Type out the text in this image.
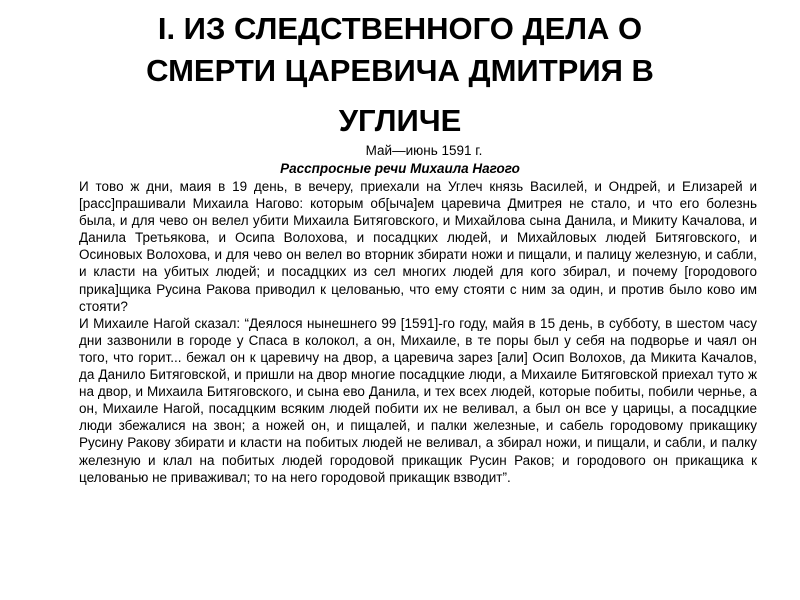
I. ИЗ СЛЕДСТВЕННОГО ДЕЛА О
СМЕРТИ ЦАРЕВИЧА ДМИТРИЯ В
УГЛИЧЕ

Май—июнь 1591 г.

Расспросные речи Михаила Нагого

И тово ж дни, маия в 19 день, в вечеру, приехали на Углеч князь Василей, и Ондрей, и Елизарей и [расс]прашивали Михаила Нагово: которым об[ыча]ем царевича Дмитрея не стало, и что его болезнь была, и для чево он велел убити Михаила Битяговского, и Михайлова сына Данила, и Микиту Качалова, и Данила Третьякова, и Осипа Волохова, и посадцких людей, и Михайловых людей Битяговского, и Осиновых Волохова, и для чево он велел во вторник збирати ножи и пищали, и палицу железную, и сабли, и класти на убитых людей; и посадцких из сел многих людей для кого збирал, и почему [городового прика]щика Русина Ракова приводил к целованью, что ему стояти с ним за один, и против было ково им стояти?

И Михаиле Нагой сказал: “Деялося нынешнего 99 [1591]-го году, майя в 15 день, в субботу, в шестом часу дни зазвонили в городе у Спаса в колокол, а он, Михаиле, в те поры был у себя на подворье и чаял он того, что горит... бежал он к царевичу на двор, а царевича зарез [али] Осип Волохов, да Микита Качалов, да Данило Битяговской, и пришли на двор многие посадцкие люди, а Михаиле Битяговской приехал туто ж на двор, и Михаила Битяговского, и сына ево Данила, и тех всех людей, которые побиты, побили чернье, а он, Михаиле Нагой, посадцким всяким людей побити их не веливал, а был он все у царицы, а посадцкие люди збежалися на звон; а ножей он, и пищалей, и палки железные, и сабель городовому прикащику Русину Ракову збирати и класти на побитых людей не веливал, а збирал ножи, и пищали, и сабли, и палку железную и клал на побитых людей городовой прикащик Русин Раков; и городового он прикащика к целованью не приваживал; то на него городовой прикащик взводит”.
